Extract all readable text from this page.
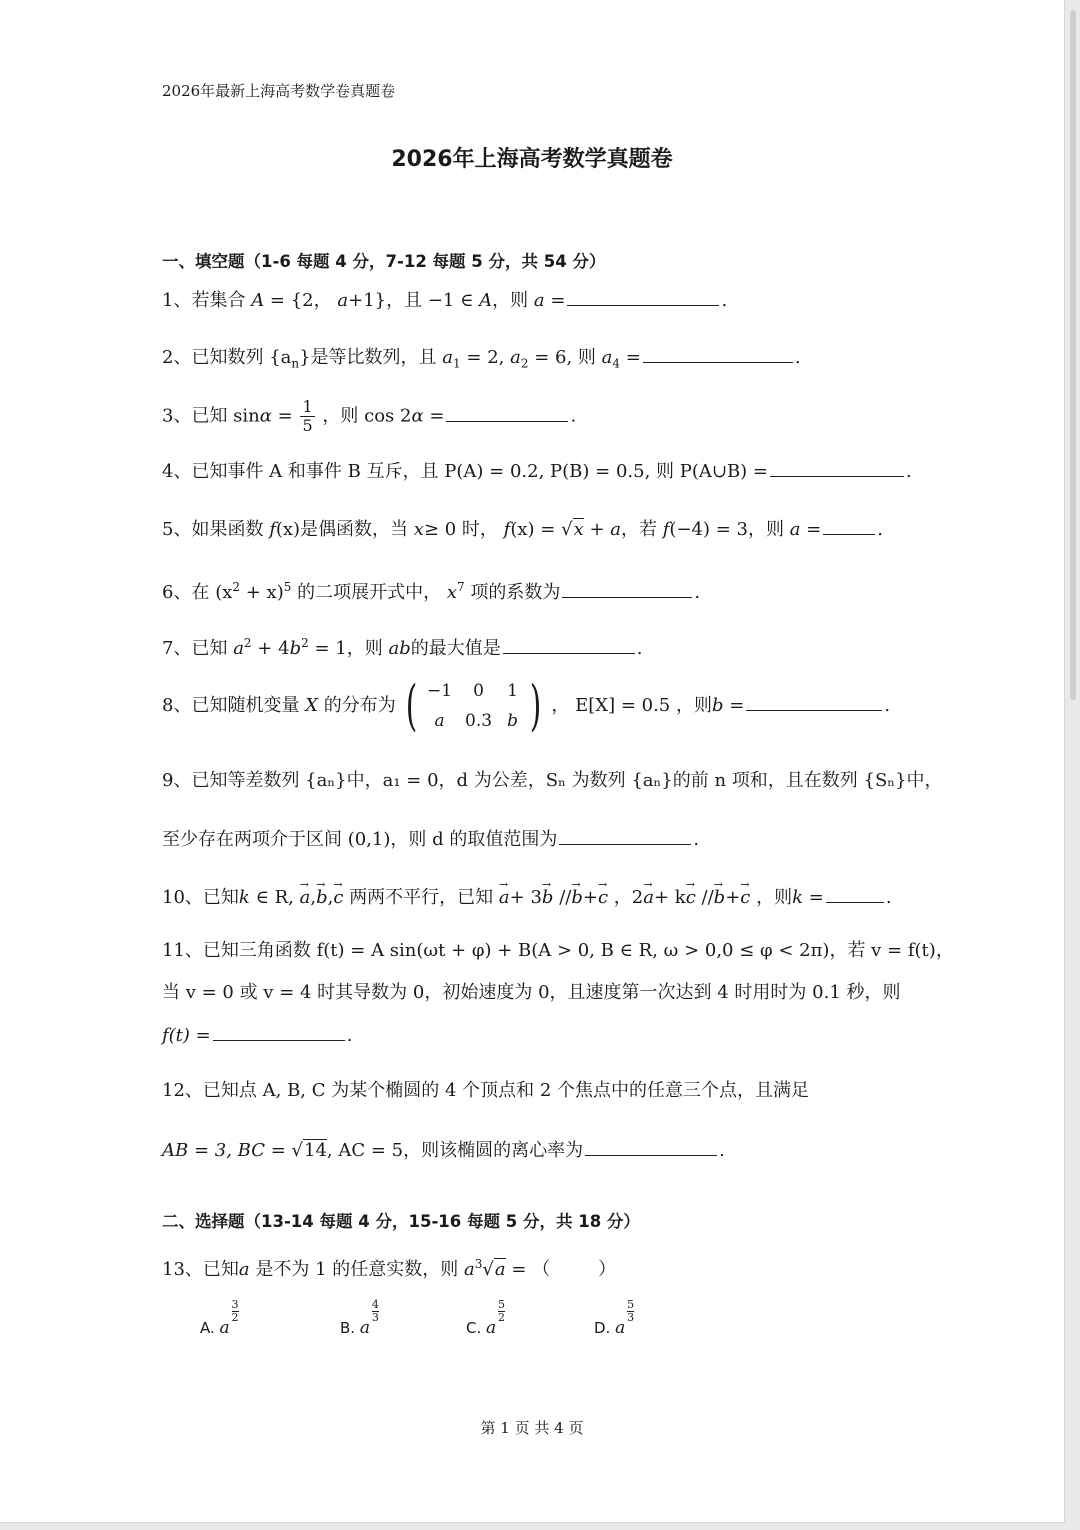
2026年最新上海高考数学卷真题卷
2026年上海高考数学真题卷
一、填空题（1-6 每题 4 分，7-12 每题 5 分，共 54 分）
1、若集合 A = {2， a+1}，且 −1 ∈ A，则 a =	.
2、已知数列 $\{a_n\}$是等比数列，且 $a_1 = 2$, $a_2 = 6$, 则 $a_4$ =	.
3、已知 $\sin\alpha = \frac{1}{5}$ ，则 cos 2α =	.
4、已知事件 A 和事件 B 互斥，且 P(A) = 0.2, P(B) = 0.5, 则 P(A∪B) =	.
5、如果函数 f(x)是偶函数，当 x≥ 0 时， f(x) = √x + a，若 f(−4) = 3，则 a =	.
6、在 $(x^2 + x)^5$ 的二项展开式中， $x^7$ 项的系数为	.
7、已知 $a^2 + 4b^2 = 1$，则 ab的最大值是	.
8、已知随机变量 X 的分布为 ( −1	0	1
a	0.3 b ) ， E[X] = 0.5 ，则b =	.
9、已知等差数列 {aₙ}中，a₁ = 0，d 为公差，Sₙ 为数列 {aₙ}的前 n 项和，且在数列 {Sₙ}中，
至少存在两项介于区间 (0,1)，则 d 的取值范围为	.
10、已知k ∈ R, → a,→ b,→ c 两两不平行，已知 → a+ 3→ b //→ b+→ c ，2→ a+ k→ c //→ b+→ c ，则k =	.
11、已知三角函数 f(t) = A sin(ωt + φ) + B(A > 0, B ∈ R, ω > 0,0 ≤ φ < 2π)，若 v = f(t)，
当 v = 0 或 v = 4 时其导数为 0，初始速度为 0，且速度第一次达到 4 时用时为 0.1 秒，则
f(t) =	.
12、已知点 A, B, C 为某个椭圆的 4 个顶点和 2 个焦点中的任意三个点，且满足
AB = 3, BC = √14, AC = 5，则该椭圆的离心率为	.
二、选择题（13-14 每题 4 分，15-16 每题 5 分，共 18 分）
13、已知a 是不为 1 的任意实数，则 $a^3√a$ = （	）
A. a
3
2
B. a
4
3
C. a
5
2
D. a
5
3
第 1 页 共 4 页
